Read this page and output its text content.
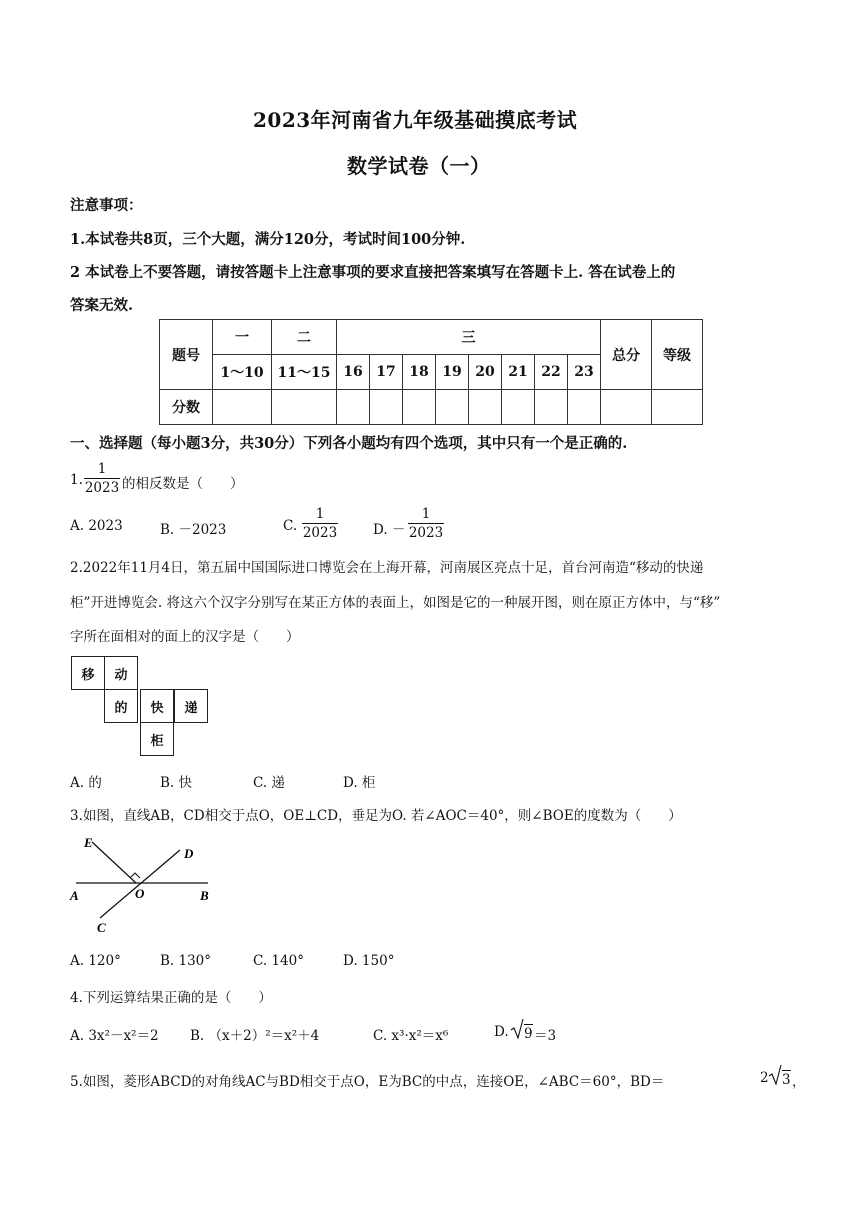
2023年河南省九年级基础摸底考试
数学试卷（一）
注意事项：
1.本试卷共8页，三个大题，满分120分，考试时间100分钟.
2 本试卷上不要答题，请按答题卡上注意事项的要求直接把答案填写在答题卡上. 答在试卷上的
答案无效.
题号	一	二	三								总分	等级
	1～10	11～15	16	17	18	19	20	21	22	23		
分数												
一、选择题（每小题3分，共30分）下列各小题均有四个选项，其中只有一个是正确的.
1.
1
2023 的相反数是（　　）
A. 2023	B. －2023	C.
1
2023	D. －
1
2023
2.2022年11月4日，第五届中国国际进口博览会在上海开幕，河南展区亮点十足，首台河南造“移动的快递
柜”开进博览会. 将这六个汉字分别写在某正方体的表面上，如图是它的一种展开图，则在原正方体中，与“移”
字所在面相对的面上的汉字是（　　）
移	动
的	快	递
柜
A. 的	B. 快	C. 递	D. 柜
3.如图，直线AB，CD相交于点O，OE⊥CD，垂足为O. 若∠AOC＝40°，则∠BOE的度数为（　　）
E
D
A	O	B
C
A. 120°	B. 130°	C. 140°	D. 150°
4.下列运算结果正确的是（　　）
A. 3x²－x²＝2 B. （x＋2）²＝x²＋4	C. x³·x²＝x⁶	D. 9 ＝3
5.如图，菱形ABCD的对角线AC与BD相交于点O，E为BC的中点，连接OE，∠ABC＝60°，BD＝	2 3 ，
